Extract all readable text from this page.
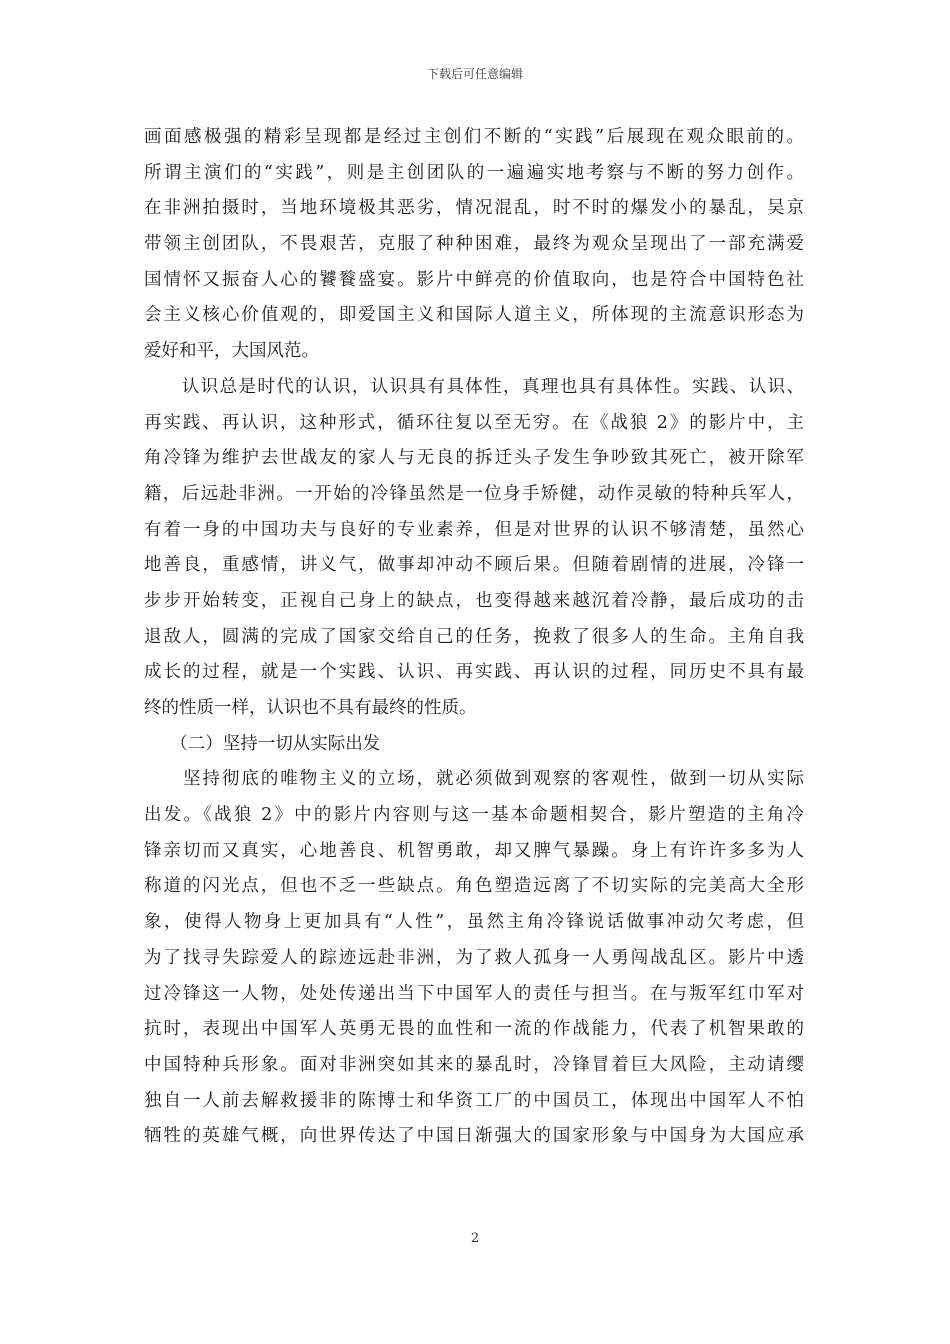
下载后可任意编辑
画面感极强的精彩呈现都是经过主创们不断的“实践”后展现在观众眼前的。
所谓主演们的“实践”，则是主创团队的一遍遍实地考察与不断的努力创作。
在非洲拍摄时，当地环境极其恶劣，情况混乱，时不时的爆发小的暴乱，吴京
带领主创团队，不畏艰苦，克服了种种困难，最终为观众呈现出了一部充满爱
国情怀又振奋人心的饕餮盛宴。影片中鲜亮的价值取向，也是符合中国特色社
会主义核心价值观的，即爱国主义和国际人道主义，所体现的主流意识形态为
爱好和平，大国风范。
　　认识总是时代的认识，认识具有具体性，真理也具有具体性。实践、认识、
再实践、再认识，这种形式，循环往复以至无穷。在《战狼 2》的影片中，主
角冷锋为维护去世战友的家人与无良的拆迁头子发生争吵致其死亡，被开除军
籍，后远赴非洲。一开始的冷锋虽然是一位身手矫健，动作灵敏的特种兵军人，
有着一身的中国功夫与良好的专业素养，但是对世界的认识不够清楚，虽然心
地善良，重感情，讲义气，做事却冲动不顾后果。但随着剧情的进展，冷锋一
步步开始转变，正视自己身上的缺点，也变得越来越沉着冷静，最后成功的击
退敌人，圆满的完成了国家交给自己的任务，挽救了很多人的生命。主角自我
成长的过程，就是一个实践、认识、再实践、再认识的过程，同历史不具有最
终的性质一样，认识也不具有最终的性质。
　　（二）坚持一切从实际出发
　　坚持彻底的唯物主义的立场，就必须做到观察的客观性，做到一切从实际
出发。《战狼 2》中的影片内容则与这一基本命题相契合，影片塑造的主角冷
锋亲切而又真实，心地善良、机智勇敢，却又脾气暴躁。身上有许许多多为人
称道的闪光点，但也不乏一些缺点。角色塑造远离了不切实际的完美高大全形
象，使得人物身上更加具有“人性”，虽然主角冷锋说话做事冲动欠考虑，但
为了找寻失踪爱人的踪迹远赴非洲，为了救人孤身一人勇闯战乱区。影片中透
过冷锋这一人物，处处传递出当下中国军人的责任与担当。在与叛军红巾军对
抗时，表现出中国军人英勇无畏的血性和一流的作战能力，代表了机智果敢的
中国特种兵形象。面对非洲突如其来的暴乱时，冷锋冒着巨大风险，主动请缨
独自一人前去解救援非的陈博士和华资工厂的中国员工，体现出中国军人不怕
牺牲的英雄气概，向世界传达了中国日渐强大的国家形象与中国身为大国应承
2
